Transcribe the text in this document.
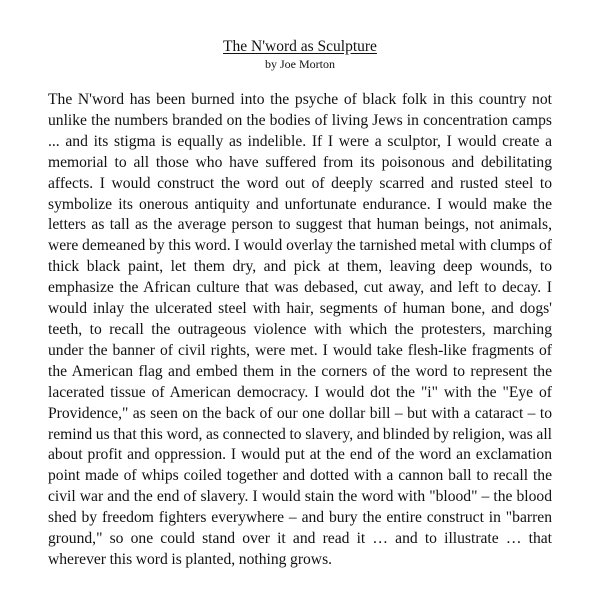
The N'word as Sculpture

by Joe Morton

The N'word has been burned into the psyche of black folk in this country not unlike the numbers branded on the bodies of living Jews in concentration camps ... and its stigma is equally as indelible. If I were a sculptor, I would create a memorial to all those who have suffered from its poisonous and debilitating affects. I would construct the word out of deeply scarred and rusted steel to symbolize its onerous antiquity and unfortunate endurance. I would make the letters as tall as the average person to suggest that human beings, not animals, were demeaned by this word. I would overlay the tarnished metal with clumps of thick black paint, let them dry, and pick at them, leaving deep wounds, to emphasize the African culture that was debased, cut away, and left to decay. I would inlay the ulcerated steel with hair, segments of human bone, and dogs' teeth, to recall the outrageous violence with which the protesters, marching under the banner of civil rights, were met. I would take flesh-like fragments of the American flag and embed them in the corners of the word to represent the lacerated tissue of American democracy. I would dot the "i" with the "Eye of Providence," as seen on the back of our one dollar bill – but with a cataract – to remind us that this word, as connected to slavery, and blinded by religion, was all about profit and oppression. I would put at the end of the word an exclamation point made of whips coiled together and dotted with a cannon ball to recall the civil war and the end of slavery. I would stain the word with "blood" – the blood shed by freedom fighters everywhere – and bury the entire construct in "barren ground," so one could stand over it and read it … and to illustrate … that wherever this word is planted, nothing grows.
